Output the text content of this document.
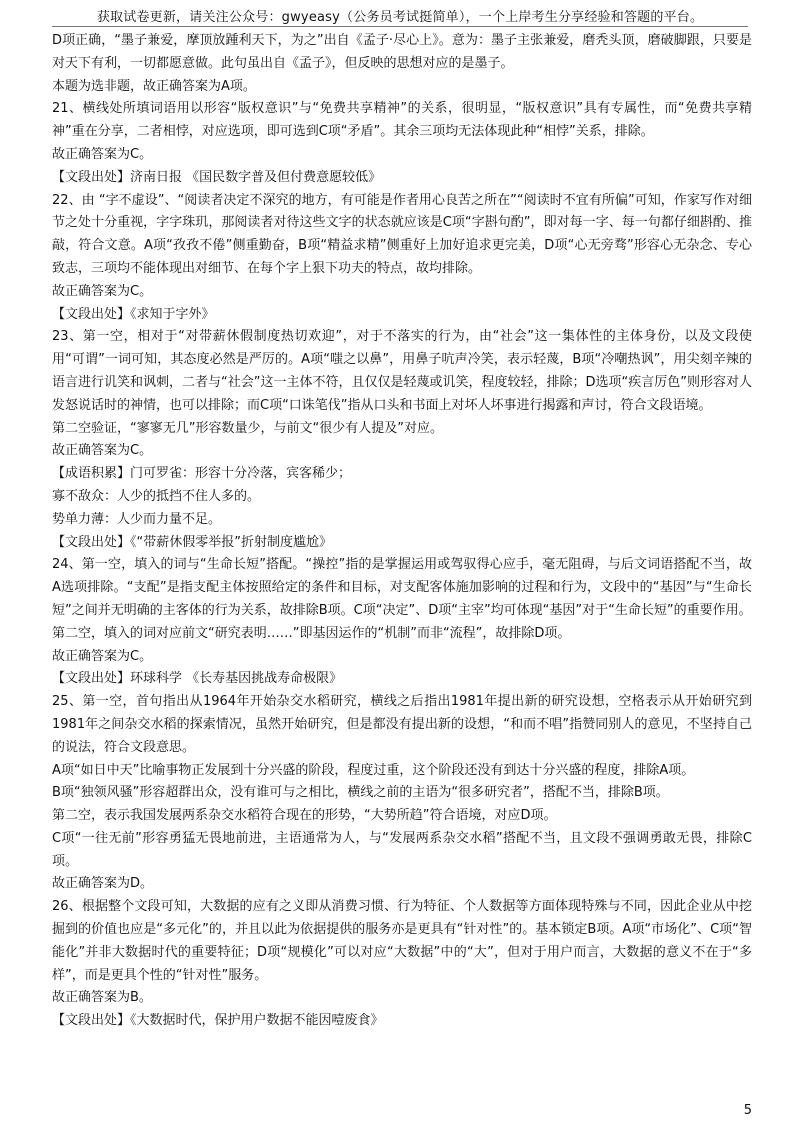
获取试卷更新，请关注公众号：gwyeasy（公务员考试挺简单），一个上岸考生分享经验和答题的平台。

D项正确，“墨子兼爱，摩顶放踵利天下，为之”出自《孟子·尽心上》。意为：墨子主张兼爱，磨秃头顶，磨破脚跟，只要是对天下有利，一切都愿意做。此句虽出自《孟子》，但反映的思想对应的是墨子。

本题为选非题，故正确答案为A项。

21、横线处所填词语用以形容“版权意识”与“免费共享精神”的关系，很明显，“版权意识”具有专属性，而“免费共享精神”重在分享，二者相悖，对应选项，即可选到C项“矛盾”。其余三项均无法体现此种“相悖”关系，排除。

故正确答案为C。

【文段出处】济南日报 《国民数字普及但付费意愿较低》

22、由 “字不虚设”、“阅读者决定不深究的地方，有可能是作者用心良苦之所在”“阅读时不宜有所偏”可知，作家写作对细节之处十分重视，字字珠玑，那阅读者对待这些文字的状态就应该是C项“字斟句酌”，即对每一字、每一句都仔细斟酌、推敲，符合文意。A项“孜孜不倦”侧重勤奋，B项“精益求精”侧重好上加好追求更完美，D项“心无旁骛”形容心无杂念、专心致志，三项均不能体现出对细节、在每个字上狠下功夫的特点，故均排除。

故正确答案为C。

【文段出处】《求知于字外》

23、第一空，相对于“对带薪休假制度热切欢迎”，对于不落实的行为，由“社会”这一集体性的主体身份，以及文段使用“可谓”一词可知，其态度必然是严厉的。A项“嗤之以鼻”，用鼻子吭声冷笑，表示轻蔑，B项“冷嘲热讽”，用尖刻辛辣的语言进行讥笑和讽刺，二者与“社会”这一主体不符，且仅仅是轻蔑或讥笑，程度较轻，排除；D选项“疾言厉色”则形容对人发怒说话时的神情，也可以排除；而C项“口诛笔伐”指从口头和书面上对坏人坏事进行揭露和声讨，符合文段语境。

第二空验证，“寥寥无几”形容数量少，与前文“很少有人提及”对应。

故正确答案为C。

【成语积累】门可罗雀：形容十分冷落，宾客稀少；

寡不敌众：人少的抵挡不住人多的。

势单力薄：人少而力量不足。

【文段出处】《“带薪休假零举报”折射制度尴尬》

24、第一空，填入的词与“生命长短”搭配。“操控”指的是掌握运用或驾驭得心应手，毫无阻碍，与后文词语搭配不当，故A选项排除。“支配”是指支配主体按照给定的条件和目标，对支配客体施加影响的过程和行为，文段中的“基因”与“生命长短”之间并无明确的主客体的行为关系，故排除B项。C项“决定”、D项“主宰”均可体现“基因”对于“生命长短”的重要作用。

第二空，填入的词对应前文“研究表明……”即基因运作的“机制”而非“流程”，故排除D项。

故正确答案为C。

【文段出处】环球科学 《长寿基因挑战寿命极限》

25、第一空，首句指出从1964年开始杂交水稻研究，横线之后指出1981年提出新的研究设想，空格表示从开始研究到1981年之间杂交水稻的探索情况，虽然开始研究，但是都没有提出新的设想，“和而不唱”指赞同别人的意见，不坚持自己的说法，符合文段意思。

A项“如日中天”比喻事物正发展到十分兴盛的阶段，程度过重，这个阶段还没有到达十分兴盛的程度，排除A项。

B项“独领风骚”形容超群出众，没有谁可与之相比，横线之前的主语为“很多研究者”，搭配不当，排除B项。

第二空，表示我国发展两系杂交水稻符合现在的形势，“大势所趋”符合语境，对应D项。

C项“一往无前”形容勇猛无畏地前进，主语通常为人，与“发展两系杂交水稻”搭配不当，且文段不强调勇敢无畏，排除C项。

故正确答案为D。

26、根据整个文段可知，大数据的应有之义即从消费习惯、行为特征、个人数据等方面体现特殊与不同，因此企业从中挖掘到的价值也应是“多元化”的，并且以此为依据提供的服务亦是更具有“针对性”的。基本锁定B项。A项“市场化”、C项“智能化”并非大数据时代的重要特征；D项“规模化”可以对应“大数据”中的“大”，但对于用户而言，大数据的意义不在于“多样”，而是更具个性的“针对性”服务。

故正确答案为B。

【文段出处】《大数据时代，保护用户数据不能因噎废食》

5
